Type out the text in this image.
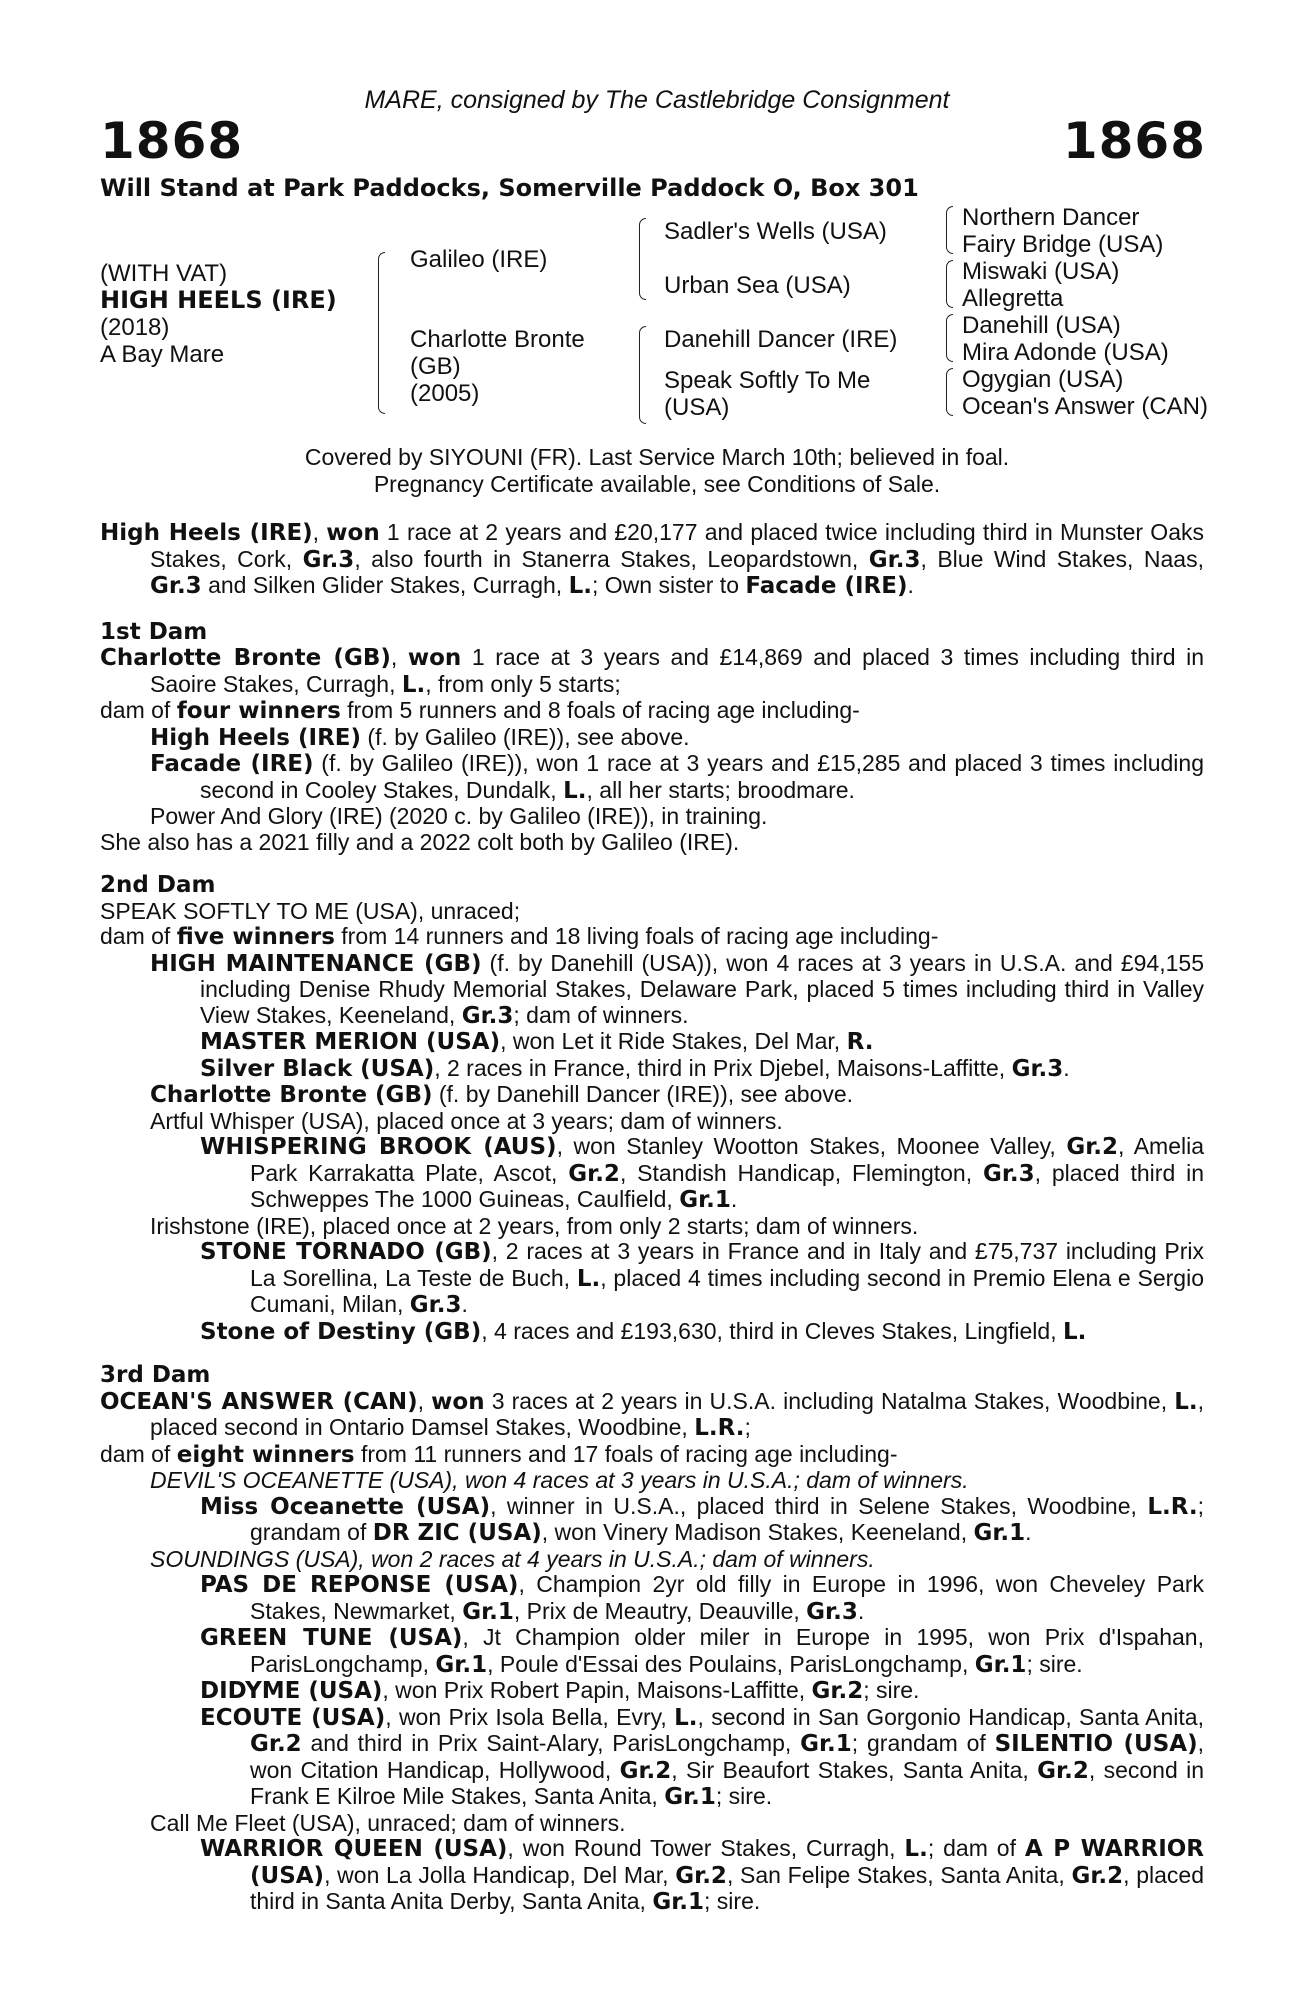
MARE, consigned by The Castlebridge Consignment
1868	1868
Will Stand at Park Paddocks, Somerville Paddock O, Box 301
(WITH VAT)
HIGH HEELS (IRE)
(2018)
A Bay Mare
Galileo (IRE)
Charlotte Bronte
(GB)
(2005)
Sadler's Wells (USA)
Urban Sea (USA)
Danehill Dancer (IRE)
Speak Softly To Me
(USA)
Northern Dancer
Fairy Bridge (USA)
Miswaki (USA)
Allegretta
Danehill (USA)
Mira Adonde (USA)
Ogygian (USA)
Ocean's Answer (CAN)
Covered by SIYOUNI (FR). Last Service March 10th; believed in foal.
Pregnancy Certificate available, see Conditions of Sale.

High Heels (IRE), won 1 race at 2 years and £20,177 and placed twice including third in Munster Oaks Stakes, Cork, Gr.3, also fourth in Stanerra Stakes, Leopardstown, Gr.3, Blue Wind Stakes, Naas, Gr.3 and Silken Glider Stakes, Curragh, L.; Own sister to Facade (IRE).

1st Dam

Charlotte Bronte (GB), won 1 race at 3 years and £14,869 and placed 3 times including third in Saoire Stakes, Curragh, L., from only 5 starts;

dam of four winners from 5 runners and 8 foals of racing age including-

High Heels (IRE) (f. by Galileo (IRE)), see above.

Facade (IRE) (f. by Galileo (IRE)), won 1 race at 3 years and £15,285 and placed 3 times including second in Cooley Stakes, Dundalk, L., all her starts; broodmare.

Power And Glory (IRE) (2020 c. by Galileo (IRE)), in training.

She also has a 2021 filly and a 2022 colt both by Galileo (IRE).

2nd Dam

SPEAK SOFTLY TO ME (USA), unraced;

dam of five winners from 14 runners and 18 living foals of racing age including-

HIGH MAINTENANCE (GB) (f. by Danehill (USA)), won 4 races at 3 years in U.S.A. and £94,155 including Denise Rhudy Memorial Stakes, Delaware Park, placed 5 times including third in Valley View Stakes, Keeneland, Gr.3; dam of winners.

MASTER MERION (USA), won Let it Ride Stakes, Del Mar, R.

Silver Black (USA), 2 races in France, third in Prix Djebel, Maisons-Laffitte, Gr.3.

Charlotte Bronte (GB) (f. by Danehill Dancer (IRE)), see above.

Artful Whisper (USA), placed once at 3 years; dam of winners.

WHISPERING BROOK (AUS), won Stanley Wootton Stakes, Moonee Valley, Gr.2, Amelia Park Karrakatta Plate, Ascot, Gr.2, Standish Handicap, Flemington, Gr.3, placed third in Schweppes The 1000 Guineas, Caulfield, Gr.1.

Irishstone (IRE), placed once at 2 years, from only 2 starts; dam of winners.

STONE TORNADO (GB), 2 races at 3 years in France and in Italy and £75,737 including Prix La Sorellina, La Teste de Buch, L., placed 4 times including second in Premio Elena e Sergio Cumani, Milan, Gr.3.

Stone of Destiny (GB), 4 races and £193,630, third in Cleves Stakes, Lingfield, L.

3rd Dam

OCEAN'S ANSWER (CAN), won 3 races at 2 years in U.S.A. including Natalma Stakes, Woodbine, L., placed second in Ontario Damsel Stakes, Woodbine, L.R.;

dam of eight winners from 11 runners and 17 foals of racing age including-

DEVIL'S OCEANETTE (USA), won 4 races at 3 years in U.S.A.; dam of winners.

Miss Oceanette (USA), winner in U.S.A., placed third in Selene Stakes, Woodbine, L.R.; grandam of DR ZIC (USA), won Vinery Madison Stakes, Keeneland, Gr.1.

SOUNDINGS (USA), won 2 races at 4 years in U.S.A.; dam of winners.

PAS DE REPONSE (USA), Champion 2yr old filly in Europe in 1996, won Cheveley Park Stakes, Newmarket, Gr.1, Prix de Meautry, Deauville, Gr.3.

GREEN TUNE (USA), Jt Champion older miler in Europe in 1995, won Prix d'Ispahan, ParisLongchamp, Gr.1, Poule d'Essai des Poulains, ParisLongchamp, Gr.1; sire.

DIDYME (USA), won Prix Robert Papin, Maisons-Laffitte, Gr.2; sire.

ECOUTE (USA), won Prix Isola Bella, Evry, L., second in San Gorgonio Handicap, Santa Anita, Gr.2 and third in Prix Saint-Alary, ParisLongchamp, Gr.1; grandam of SILENTIO (USA), won Citation Handicap, Hollywood, Gr.2, Sir Beaufort Stakes, Santa Anita, Gr.2, second in Frank E Kilroe Mile Stakes, Santa Anita, Gr.1; sire.

Call Me Fleet (USA), unraced; dam of winners.

WARRIOR QUEEN (USA), won Round Tower Stakes, Curragh, L.; dam of A P WARRIOR (USA), won La Jolla Handicap, Del Mar, Gr.2, San Felipe Stakes, Santa Anita, Gr.2, placed third in Santa Anita Derby, Santa Anita, Gr.1; sire.
